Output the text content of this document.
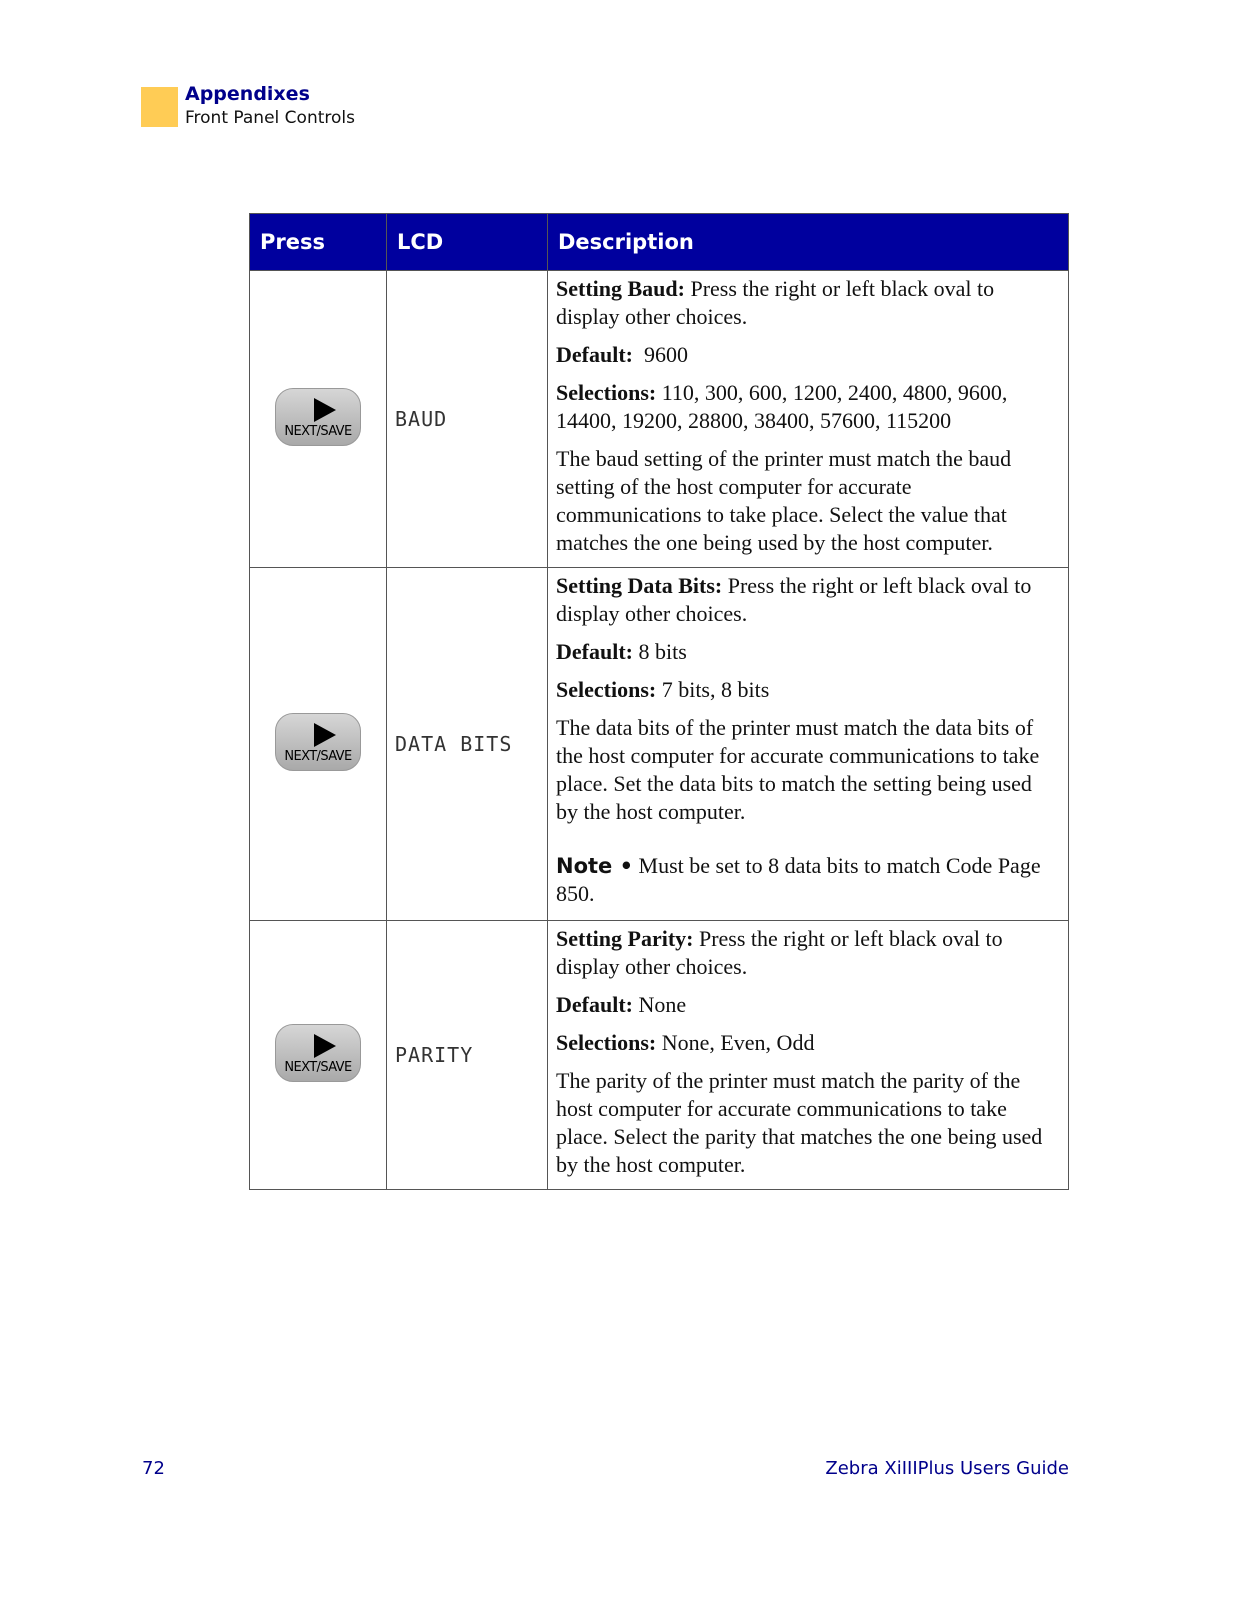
Appendixes
Front Panel Controls
Press	LCD	Description

NEXT/SAVE	BAUD	Setting Baud: Press the right or left black oval to display other choices.

Default:  9600

Selections: 110, 300, 600, 1200, 2400, 4800, 9600, 14400, 19200, 28800, 38400, 57600, 115200

The baud setting of the printer must match the baud setting of the host computer for accurate communications to take place. Select the value that matches the one being used by the host computer.

NEXT/SAVE	DATA BITS	Setting Data Bits: Press the right or left black oval to display other choices.

Default: 8 bits

Selections: 7 bits, 8 bits

The data bits of the printer must match the data bits of the host computer for accurate communications to take place. Set the data bits to match the setting being used by the host computer.

Note • Must be set to 8 data bits to match Code Page 850.

NEXT/SAVE	PARITY	Setting Parity: Press the right or left black oval to display other choices.

Default: None

Selections: None, Even, Odd

The parity of the printer must match the parity of the host computer for accurate communications to take place. Select the parity that matches the one being used by the host computer.

72	Zebra XiIIIPlus Users Guide
